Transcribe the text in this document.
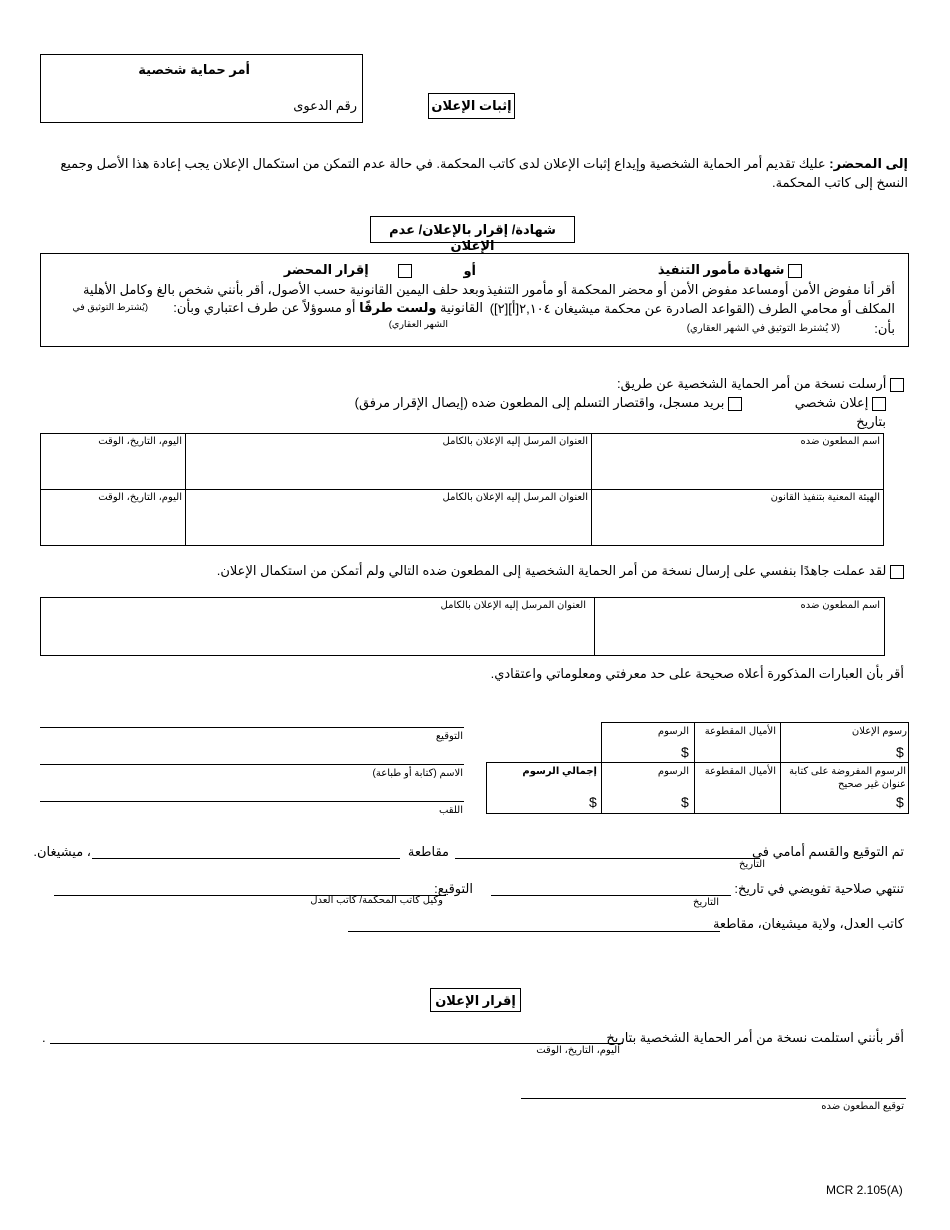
أمر حماية شخصية
رقم الدعوى	إثبات الإعلان
إلى المحضر: عليك تقديم أمر الحماية الشخصية وإيداع إثبات الإعلان لدى كاتب المحكمة. في حالة عدم التمكن من استكمال الإعلان يجب إعادة هذا الأصل وجميع النسخ إلى كاتب المحكمة.
شهادة/ إقرار بالإعلان/ عدم الإعلان
شهادة مأمور التنفيذ
أقر أنا مفوض الأمن أومساعد مفوض الأمن أو محضر المحكمة أو مأمور التنفيذ
المكلف أو محامي الطرف (القواعد الصادرة عن محكمة ميشيغان ٢,١٠٤[أ][٢])
بأن:
(لا يُشترط التوثيق في الشهر العقاري)
أو
إقرار المحضر
وبعد حلف اليمين القانونية حسب الأصول، أقر بأنني شخص بالغ وكامل الأهلية
القانونية ولست طرفًا أو مسوؤلاً عن طرف اعتباري وبأن:
(يُشترط التوثيق في
الشهر العقاري)
أرسلت نسخة من أمر الحماية الشخصية عن طريق:
إعلان شخصي
بريد مسجل، واقتصار التسلم إلى المطعون ضده (إيصال الإقرار مرفق)
بتاريخ
اسم المطعون ضده
العنوان المرسل إليه الإعلان بالكامل
اليوم، التاريخ، الوقت
الهيئة المعنية بتنفيذ القانون
العنوان المرسل إليه الإعلان بالكامل
اليوم، التاريخ، الوقت
لقد عملت جاهدًا بنفسي على إرسال نسخة من أمر الحماية الشخصية إلى المطعون ضده التالي ولم أتمكن من استكمال الإعلان.
اسم المطعون ضده
العنوان المرسل إليه الإعلان بالكامل
أقر بأن العبارات المذكورة أعلاه صحيحة على حد معرفتي ومعلوماتي واعتقادي.
التوقيع
الاسم (كتابة أو طباعة)
اللقب
رسوم الإعلان
الأميال المقطوعة
الرسوم
$
$
الرسوم المفروضة على كتابة عنوان غير صحيح
الأميال المقطوعة
الرسوم
إجمالي الرسوم
$
$
$
تم التوقيع والقسم أمامي في
التاريخ
مقاطعة
، ميشيغان.
تنتهي صلاحية تفويضي في تاريخ:
التاريخ
التوقيع:
وكيل كاتب المحكمة/ كاتب العدل
كاتب العدل، ولاية ميشيغان، مقاطعة
إقرار الإعلان
أقر بأنني استلمت نسخة من أمر الحماية الشخصية بتاريخ
.
اليوم، التاريخ، الوقت
توقيع المطعون ضده
MCR 2.105(A)
